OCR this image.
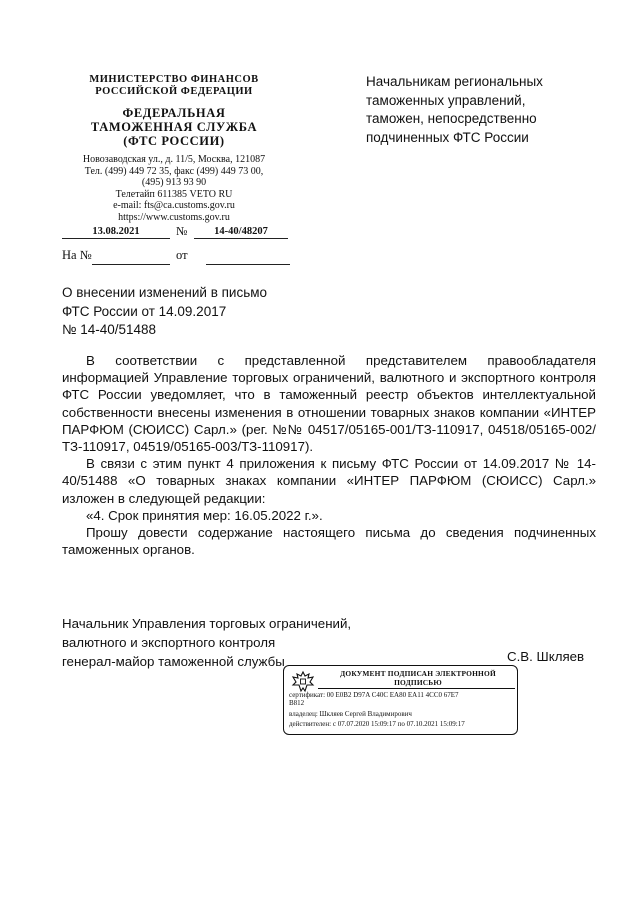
МИНИСТЕРСТВО ФИНАНСОВ
РОССИЙСКОЙ ФЕДЕРАЦИИ
ФЕДЕРАЛЬНАЯ
ТАМОЖЕННАЯ СЛУЖБА
(ФТС РОССИИ)
Новозаводская ул., д. 11/5, Москва, 121087
Тел. (499) 449 72 35, факс (499) 449 73 00,
(495) 913 93 90
Телетайп 611385 VETO RU
e-mail: fts@ca.customs.gov.ru
https://www.customs.gov.ru
13.08.2021	№	14-40/48207
На №	от
Начальникам региональных
таможенных управлений,
таможен, непосредственно
подчиненных ФТС России
О внесении изменений в письмо
ФТС России от 14.09.2017
№ 14-40/51488

В соответствии с представленной представителем правообладателя информацией Управление торговых ограничений, валютного и экспортного контроля ФТС России уведомляет, что в таможенный реестр объектов интеллектуальной собственности внесены изменения в отношении товарных знаков компании «ИНТЕР ПАРФЮМ (СЮИСС) Сарл.» (рег. №№ 04517/05165-001/ТЗ-110917, 04518/05165-002/ТЗ-110917, 04519/05165-003/ТЗ-110917).

В связи с этим пункт 4 приложения к письму ФТС России от 14.09.2017 № 14-40/51488 «О товарных знаках компании «ИНТЕР ПАРФЮМ (СЮИСС) Сарл.» изложен в следующей редакции:

«4. Срок принятия мер: 16.05.2022 г.».

Прошу довести содержание настоящего письма до сведения подчиненных таможенных органов.

Начальник Управления торговых ограничений,
валютного и экспортного контроля
генерал-майор таможенной службы	С.В. Шкляев
ДОКУМЕНТ ПОДПИСАН ЭЛЕКТРОННОЙ
ПОДПИСЬЮ
сертификат: 00 E0B2 D97A C40C EA80 EA11 4CC0 67E7
B812
владелец: Шкляев Сергей Владимирович
действителен: с 07.07.2020 15:09:17 по 07.10.2021 15:09:17
